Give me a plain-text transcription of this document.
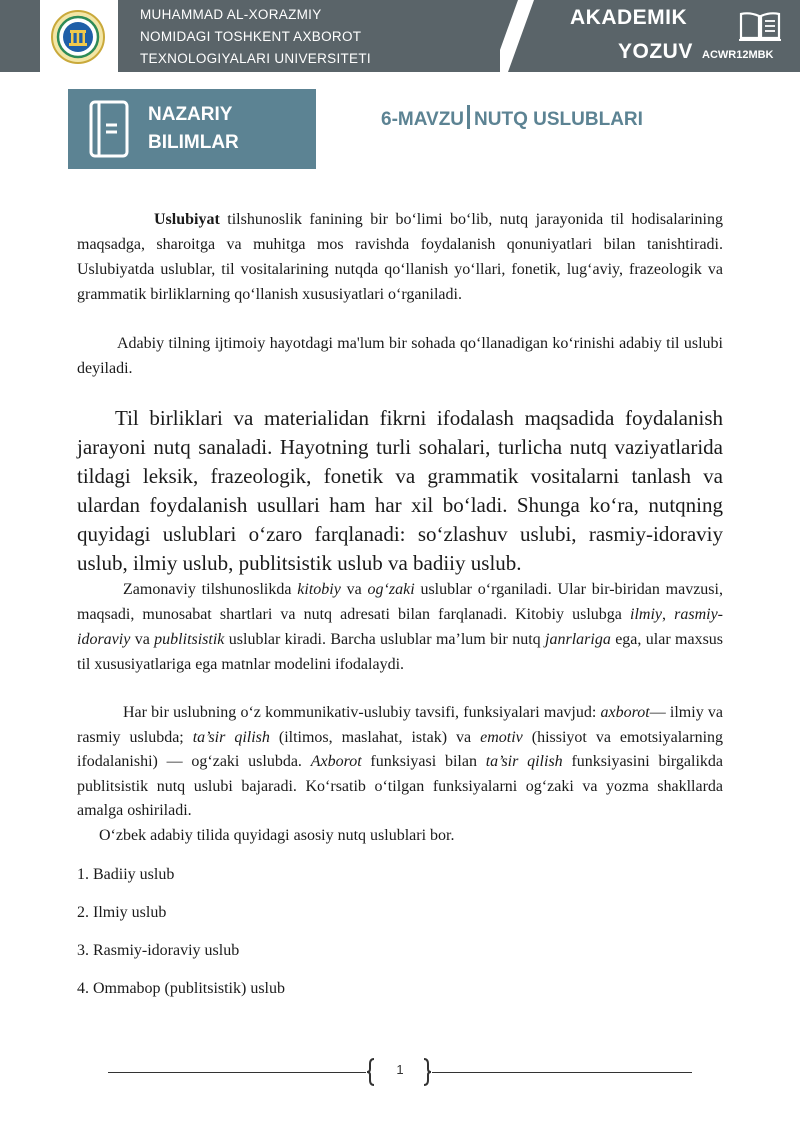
MUHAMMAD AL-XORAZMIY
NOMIDAGI TOSHKENT AXBOROT
TEXNOLOGIYALARI UNIVERSITETI
AKADEMIK
YOZUV ACWR12MBK
NAZARIY
BILIMLAR
6-MAVZU NUTQ USLUBLARI
Uslubiyat tilshunoslik fanining bir bo‘limi bo‘lib, nutq jarayonida til hodisalarining maqsadga, sharoitga va muhitga mos ravishda foydalanish qonuniyatlari bilan tanishtiradi. Uslubiyatda uslublar, til vositalarining nutqda qo‘llanish yo‘llari, fonetik, lug‘aviy, frazeologik va grammatik birliklarning qo‘llanish xususiyatlari o‘rganiladi.
Adabiy tilning ijtimoiy hayotdagi ma'lum bir sohada qo‘llanadigan ko‘rinishi adabiy til uslubi deyiladi.
Til birliklari va materialidan fikrni ifodalash maqsadida foydalanish jarayoni nutq sanaladi. Hayotning turli sohalari, turlicha nutq vaziyatlarida tildagi leksik, frazeologik, fonetik va grammatik vositalarni tanlash va ulardan foydalanish usullari ham har xil bo‘ladi. Shunga ko‘ra, nutqning quyidagi uslublari o‘zaro farqlanadi: so‘zlashuv uslubi, rasmiy-idoraviy uslub, ilmiy uslub, publitsistik uslub va badiiy uslub.
Zamonaviy tilshunoslikda kitobiy va og‘zaki uslublar o‘rganiladi. Ular bir-biridan mavzusi, maqsadi, munosabat shartlari va nutq adresati bilan farqlanadi. Kitobiy uslubga ilmiy, rasmiy-idoraviy va publitsistik uslublar kiradi. Barcha uslublar ma’lum bir nutq janrlariga ega, ular maxsus til xususiyatlariga ega matnlar modelini ifodalaydi.
Har bir uslubning o‘z kommunikativ-uslubiy tavsifi, funksiyalari mavjud: axborot— ilmiy va rasmiy uslubda; ta’sir qilish (iltimos, maslahat, istak) va emotiv (hissiyot va emotsiyalarning ifodalanishi) — og‘zaki uslubda. Axborot funksiyasi bilan ta’sir qilish funksiyasini birgalikda publitsistik nutq uslubi bajaradi. Ko‘rsatib o‘tilgan funksiyalarni og‘zaki va yozma shakllarda amalga oshiriladi.
O‘zbek adabiy tilida quyidagi asosiy nutq uslublari bor.
1. Badiiy uslub
2. Ilmiy uslub
3. Rasmiy-idoraviy uslub
4. Ommabop (publitsistik) uslub
1
